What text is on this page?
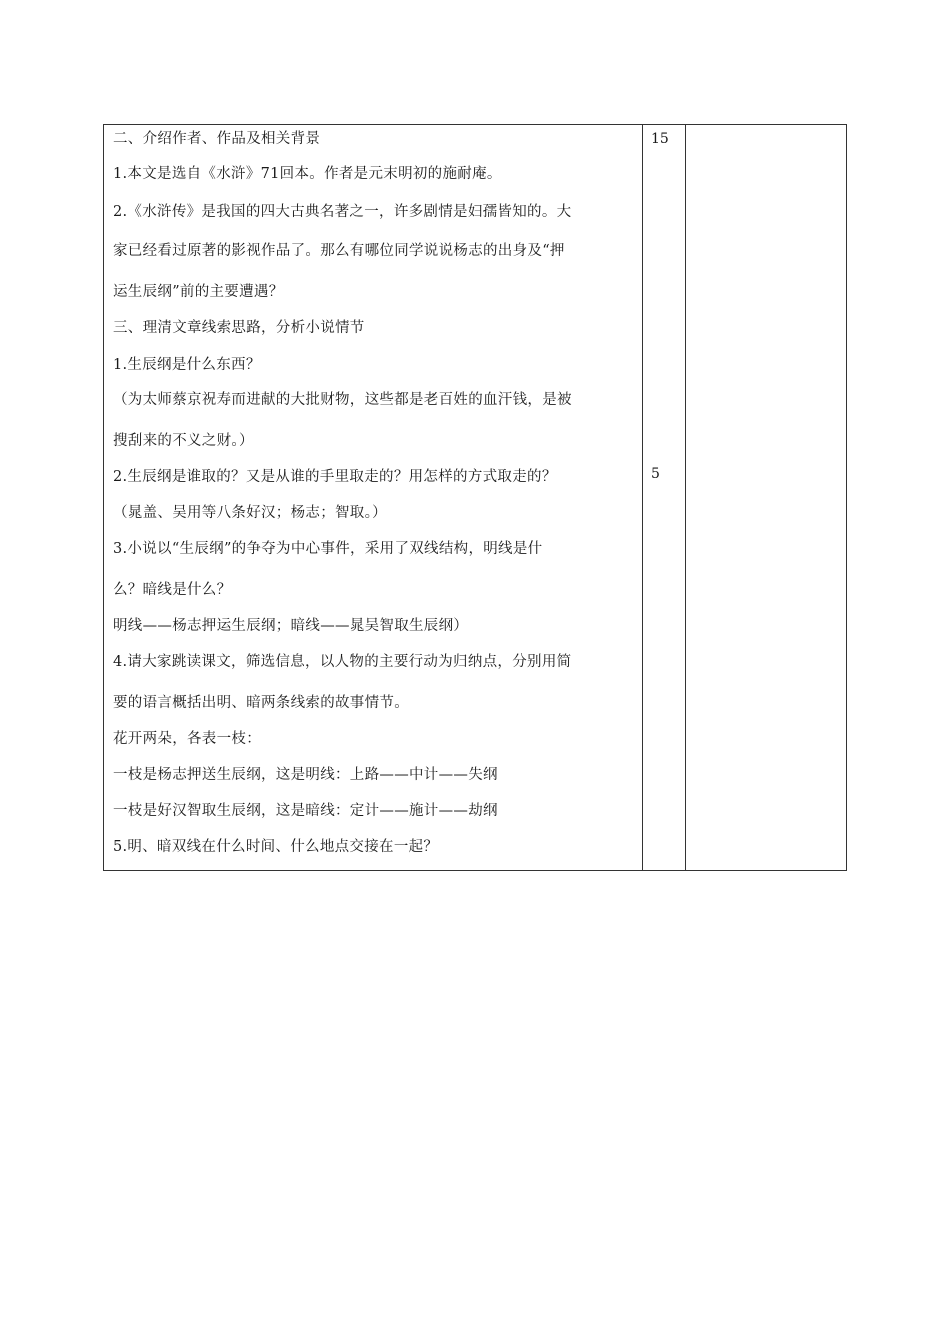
二、介绍作者、作品及相关背景
1.本文是选自《水浒》71回本。作者是元末明初的施耐庵。
2.《水浒传》是我国的四大古典名著之一，许多剧情是妇孺皆知的。大
家已经看过原著的影视作品了。那么有哪位同学说说杨志的出身及“押
运生辰纲”前的主要遭遇？
三、理清文章线索思路，分析小说情节
1.生辰纲是什么东西？
（为太师蔡京祝寿而进献的大批财物，这些都是老百姓的血汗钱，是被
搜刮来的不义之财。）
2.生辰纲是谁取的？又是从谁的手里取走的？用怎样的方式取走的？
（晁盖、吴用等八条好汉；杨志；智取。）
3.小说以“生辰纲”的争夺为中心事件，采用了双线结构，明线是什
么？暗线是什么？
明线——杨志押运生辰纲；暗线——晁吴智取生辰纲）
4.请大家跳读课文，筛选信息，以人物的主要行动为归纳点，分别用简
要的语言概括出明、暗两条线索的故事情节。
花开两朵，各表一枝：
一枝是杨志押送生辰纲，这是明线：上路——中计——失纲
一枝是好汉智取生辰纲，这是暗线：定计——施计——劫纲
5.明、暗双线在什么时间、什么地点交接在一起？
15
5
